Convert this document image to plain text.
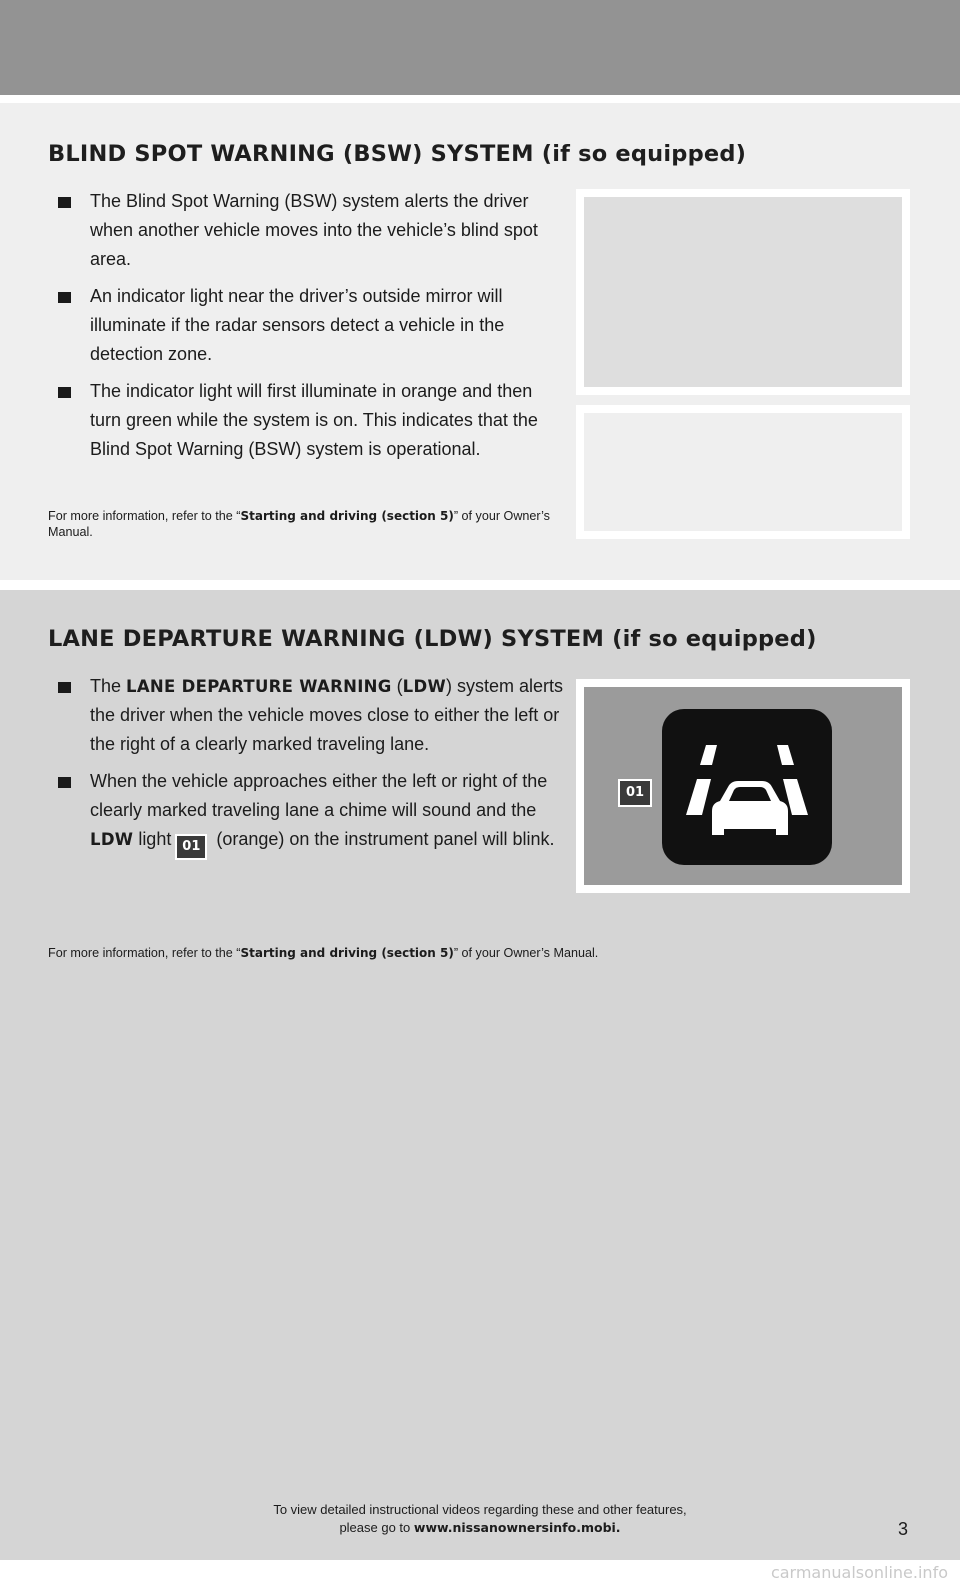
BLIND SPOT WARNING (BSW) SYSTEM (if so equipped)
The Blind Spot Warning (BSW) system alerts the driver when another vehicle moves into the vehicle’s blind spot area.
An indicator light near the driver’s outside mirror will illuminate if the radar sensors detect a vehicle in the detection zone.
The indicator light will first illuminate in orange and then turn green while the system is on. This indicates that the Blind Spot Warning (BSW) system is operational.
For more information, refer to the “Starting and driving (section 5)” of your Owner’s Manual.
LANE DEPARTURE WARNING (LDW) SYSTEM (if so equipped)
The LANE DEPARTURE WARNING (LDW) system alerts the driver when the vehicle moves close to either the left or the right of a clearly marked traveling lane.
When the vehicle approaches either the left or right of the clearly marked traveling lane a chime will sound and the LDW light 01 (orange) on the instrument panel will blink.
For more information, refer to the “Starting and driving (section 5)” of your Owner’s Manual.
01
To view detailed instructional videos regarding these and other features,
please go to www.nissanownersinfo.mobi.	3
carmanualsonline.info
